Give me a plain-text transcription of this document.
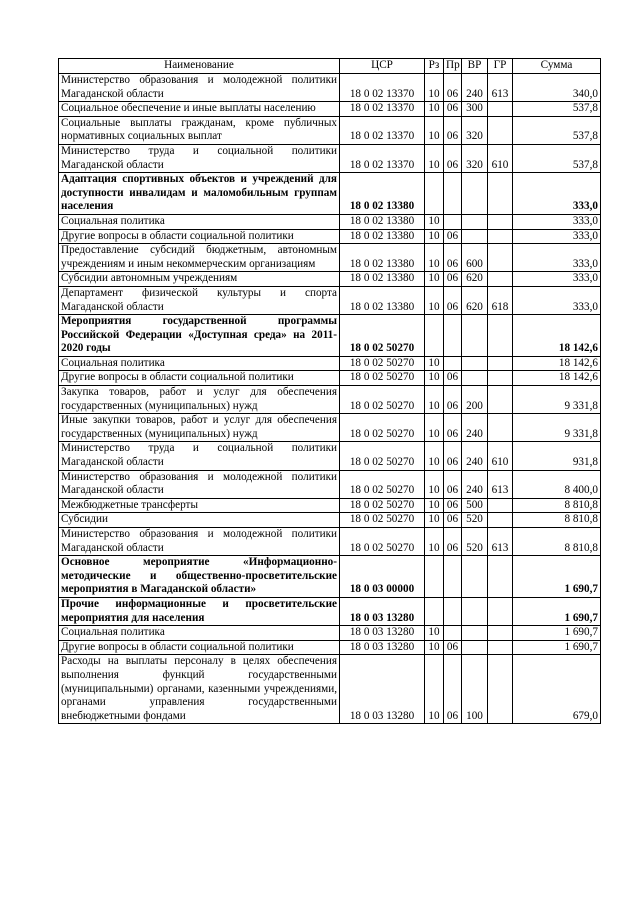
Наименование	ЦСР	Рз	Пр	ВР	ГР	Сумма
Министерство образования и молодежной политики Магаданской области	18 0 02 13370	10	06	240	613	340,0
Социальное обеспечение и иные выплаты населению	18 0 02 13370	10	06	300		537,8
Социальные выплаты гражданам, кроме публичных нормативных социальных выплат	18 0 02 13370	10	06	320		537,8
Министерство труда и социальной политики Магаданской области	18 0 02 13370	10	06	320	610	537,8
Адаптация спортивных объектов и учреждений для доступности инвалидам и маломобильным группам населения	18 0 02 13380					333,0
Социальная политика	18 0 02 13380	10				333,0
Другие вопросы в области социальной политики	18 0 02 13380	10	06			333,0
Предоставление субсидий бюджетным, автономным учреждениям и иным некоммерческим организациям	18 0 02 13380	10	06	600		333,0
Субсидии автономным учреждениям	18 0 02 13380	10	06	620		333,0
Департамент физической культуры и спорта Магаданской области	18 0 02 13380	10	06	620	618	333,0
Мероприятия государственной программы Российской Федерации «Доступная среда» на 2011-2020 годы	18 0 02 50270					18 142,6
Социальная политика	18 0 02 50270	10				18 142,6
Другие вопросы в области социальной политики	18 0 02 50270	10	06			18 142,6
Закупка товаров, работ и услуг для обеспечения государственных (муниципальных) нужд	18 0 02 50270	10	06	200		9 331,8
Иные закупки товаров, работ и услуг для обеспечения государственных (муниципальных) нужд	18 0 02 50270	10	06	240		9 331,8
Министерство труда и социальной политики Магаданской области	18 0 02 50270	10	06	240	610	931,8
Министерство образования и молодежной политики Магаданской области	18 0 02 50270	10	06	240	613	8 400,0
Межбюджетные трансферты	18 0 02 50270	10	06	500		8 810,8
Субсидии	18 0 02 50270	10	06	520		8 810,8
Министерство образования и молодежной политики Магаданской области	18 0 02 50270	10	06	520	613	8 810,8
Основное мероприятие «Информационно-методические и общественно-просветительские мероприятия в Магаданской области»	18 0 03 00000					1 690,7
Прочие информационные и просветительские мероприятия для населения	18 0 03 13280					1 690,7
Социальная политика	18 0 03 13280	10				1 690,7
Другие вопросы в области социальной политики	18 0 03 13280	10	06			1 690,7
Расходы на выплаты персоналу в целях обеспечения выполнения функций государственными (муниципальными) органами, казенными учреждениями, органами управления государственными внебюджетными фондами	18 0 03 13280	10	06	100		679,0
